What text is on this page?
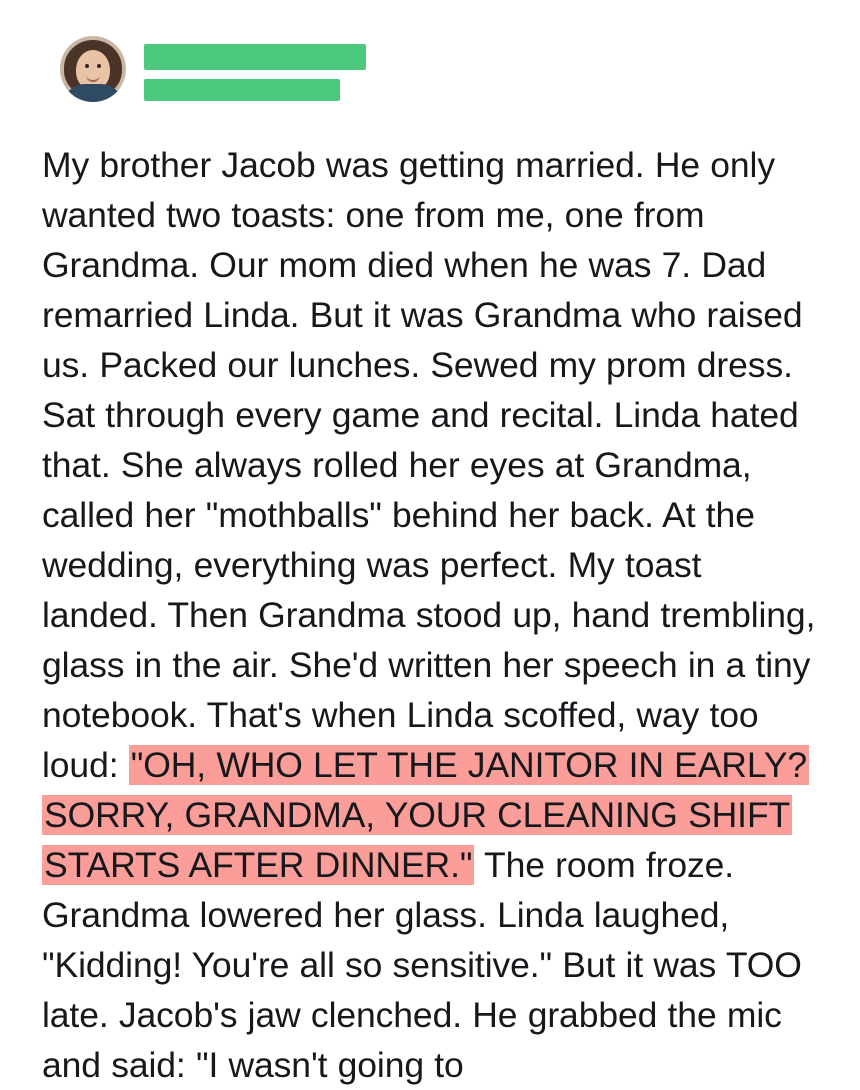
My brother Jacob was getting married. He only wanted two toasts: one from me, one from Grandma. Our mom died when he was 7. Dad remarried Linda. But it was Grandma who raised us. Packed our lunches. Sewed my prom dress. Sat through every game and recital. Linda hated that. She always rolled her eyes at Grandma, called her "mothballs" behind her back. At the wedding, everything was perfect. My toast landed. Then Grandma stood up, hand trembling, glass in the air. She'd written her speech in a tiny notebook. That's when Linda scoffed, way too loud: "OH, WHO LET THE JANITOR IN EARLY? SORRY, GRANDMA, YOUR CLEANING SHIFT STARTS AFTER DINNER." The room froze. Grandma lowered her glass. Linda laughed, "Kidding! You're all so sensitive." But it was TOO late. Jacob's jaw clenched. He grabbed the mic and said: "I wasn't going to
